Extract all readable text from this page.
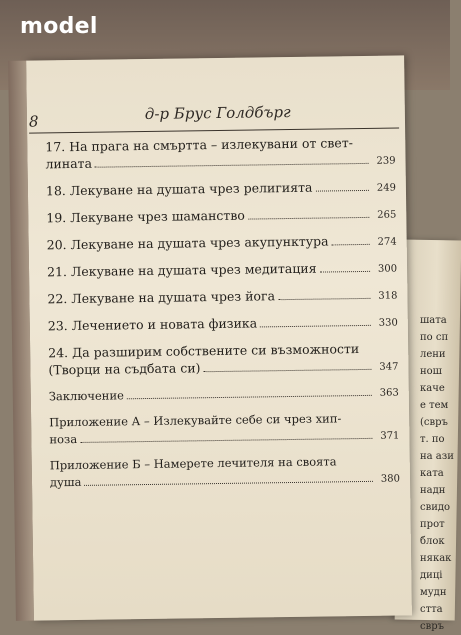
model
шата
по сп
лени
нош
каче
е тем
(свръ
т. по
на ази
ката
надн
свидо
прот
блок
някак
диці
мудн
стта
свръ
8	д-р Брус Голдбърг
17. На прага на смъртта – излекувани от свет-
лината	239
18. Лекуване на душата чрез религията	249
19. Лекуване чрез шаманство	265
20. Лекуване на душата чрез акупунктура	274
21. Лекуване на душата чрез медитация	300
22. Лекуване на душата чрез йога	318
23. Лечението и новата физика	330
24. Да разширим собствените си възможности
(Творци на съдбата си)	347
Заключение	363
Приложение А – Излекувайте себе си чрез хип-
ноза	371
Приложение Б – Намерете лечителя на своята
душа	380
